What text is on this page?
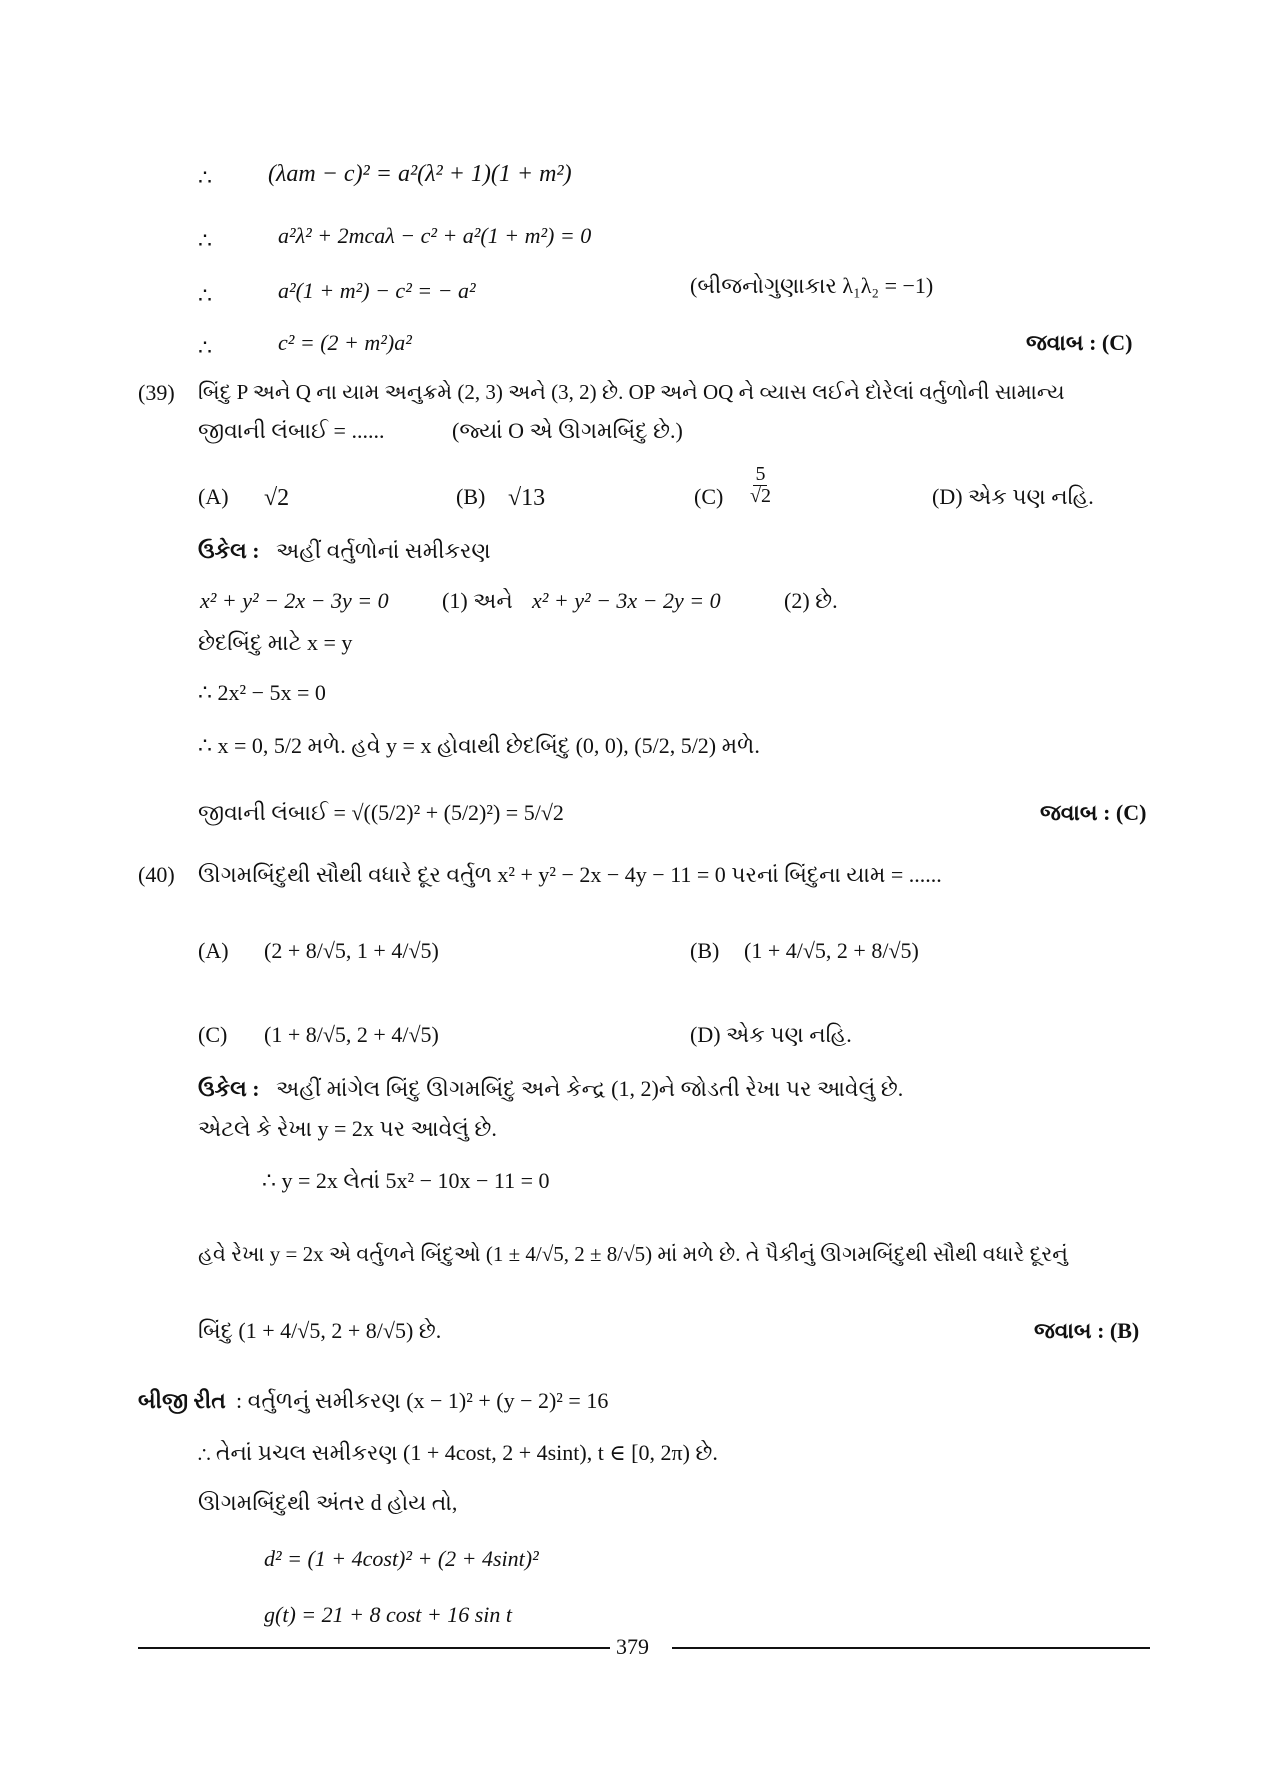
∴ (λam − c)² = a²(λ² + 1)(1 + m²)
∴	a²λ² + 2mcaλ − c² + a²(1 + m²) = 0
∴	a²(1 + m²) − c² = − a²	(બીજનોગુણાકાર λ₁λ₂ = −1)
∴	c² = (2 + m²)a²	જવાબ : (C)
(39) બિંદુ P અને Q ના યામ અનુક્રમે (2, 3) અને (3, 2) છે. OP અને OQ ને વ્યાસ લઈને દોરેલાં વર્તુળોની સામાન્ય
જીવાની લંબાઈ = ......	(જ્યાં O એ ઊગમબિંદુ છે.)
(A) √2	(B) √13	$(C) \frac{5}{√2}$	(D) એક પણ નહિ.
ઉકેલ : અહીં વર્તુળોનાં સમીકરણ
x² + y² − 2x − 3y = 0 (1) અને x² + y² − 3x − 2y = 0	(2) છે.
છેદબિંદુ માટે x = y
∴ 2x² − 5x = 0
∴ x = 0, 5/2 મળે. હવે y = x હોવાથી છેદબિંદુ (0, 0), (5/2, 5/2) મળે.
જીવાની લંબાઈ = √((5/2)² + (5/2)²) = 5/√2	જવાબ : (C)
(40) ઊગમબિંદુથી સૌથી વધારે દૂર વર્તુળ x² + y² − 2x − 4y − 11 = 0 પરનાં બિંદુના યામ = ......
(A) (2 + 8/√5, 1 + 4/√5)	(B) (1 + 4/√5, 2 + 8/√5)
(C) (1 + 8/√5, 2 + 4/√5)	(D) એક પણ નહિ.
ઉકેલ : અહીં માંગેલ બિંદુ ઊગમબિંદુ અને કેન્દ્ર (1, 2)ને જોડતી રેખા પર આવેલું છે.
એટલે કે રેખા y = 2x પર આવેલું છે.
∴ y = 2x લેતાં 5x² − 10x − 11 = 0
હવે રેખા y = 2x એ વર્તુળને બિંદુઓ (1 ± 4/√5, 2 ± 8/√5) માં મળે છે. તે પૈકીનું ઊગમબિંદુથી સૌથી વધારે દૂરનું
બિંદુ (1 + 4/√5, 2 + 8/√5) છે.	જવાબ : (B)
બીજી રીત : વર્તુળનું સમીકરણ (x − 1)² + (y − 2)² = 16
∴ તેનાં પ્રચલ સમીકરણ (1 + 4cost, 2 + 4sint), t ∈ [0, 2π) છે.
ઊગમબિંદુથી અંતર d હોય તો,
d² = (1 + 4cost)² + (2 + 4sint)²
g(t) = 21 + 8 cost + 16 sin t
379
